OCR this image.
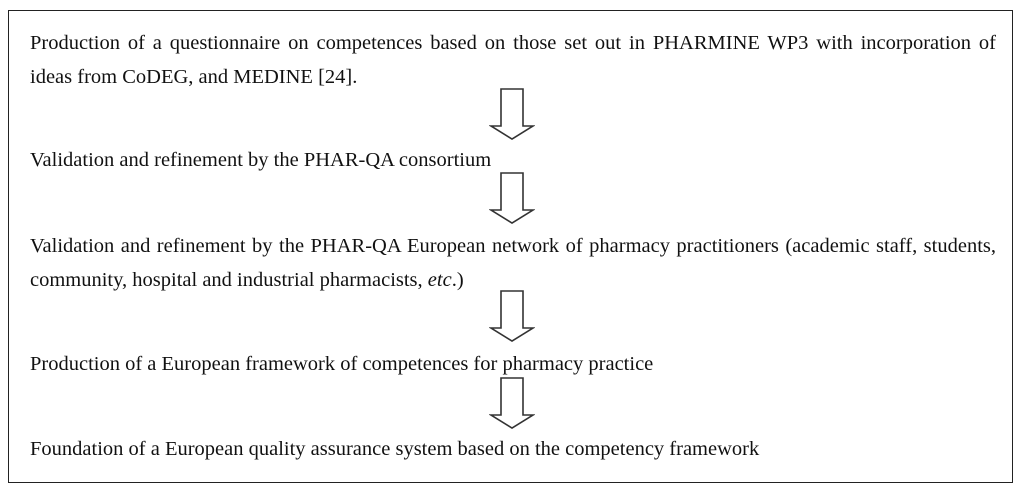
Production of a questionnaire on competences based on those set out in PHARMINE WP3 with incorporation of ideas from CoDEG, and MEDINE [24].
Validation and refinement by the PHAR-QA consortium
Validation and refinement by the PHAR-QA European network of pharmacy practitioners (academic staff, students, community, hospital and industrial pharmacists, etc.)
Production of a European framework of competences for pharmacy practice
Foundation of a European quality assurance system based on the competency framework
